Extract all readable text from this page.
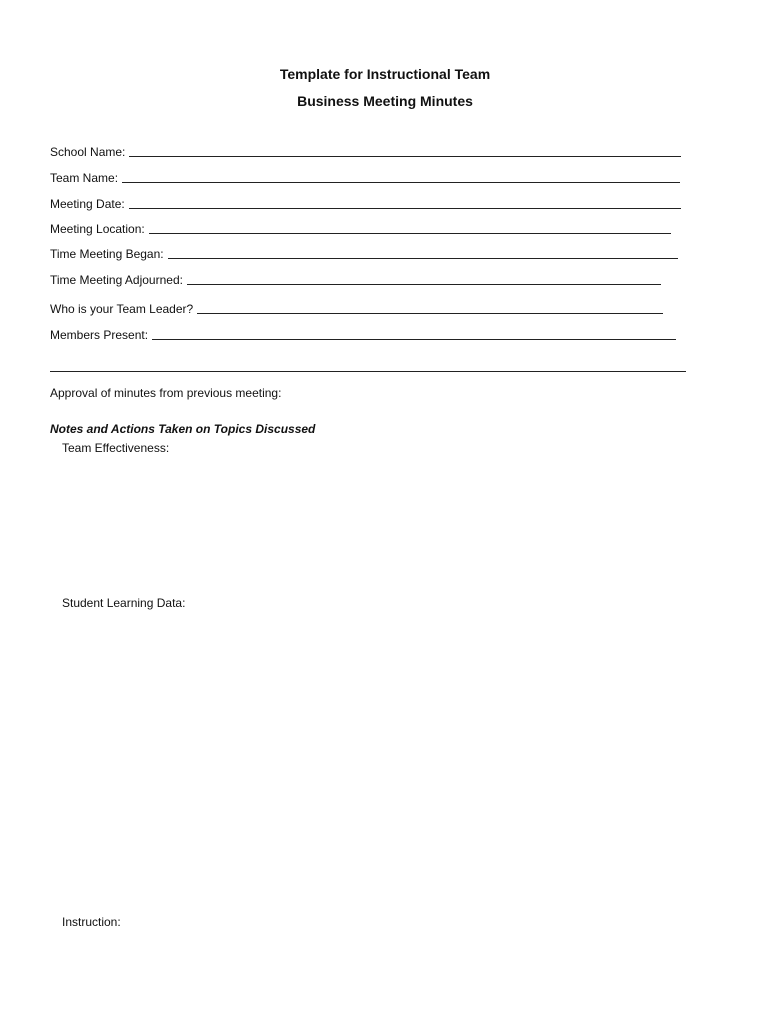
Template for Instructional Team
Business Meeting Minutes
School Name:
Team Name:
Meeting Date:
Meeting Location:
Time Meeting Began:
Time Meeting Adjourned:
Who is your Team Leader?
Members Present:
Approval of minutes from previous meeting:
Notes and Actions Taken on Topics Discussed
Team Effectiveness:
Student Learning Data:
Instruction:
